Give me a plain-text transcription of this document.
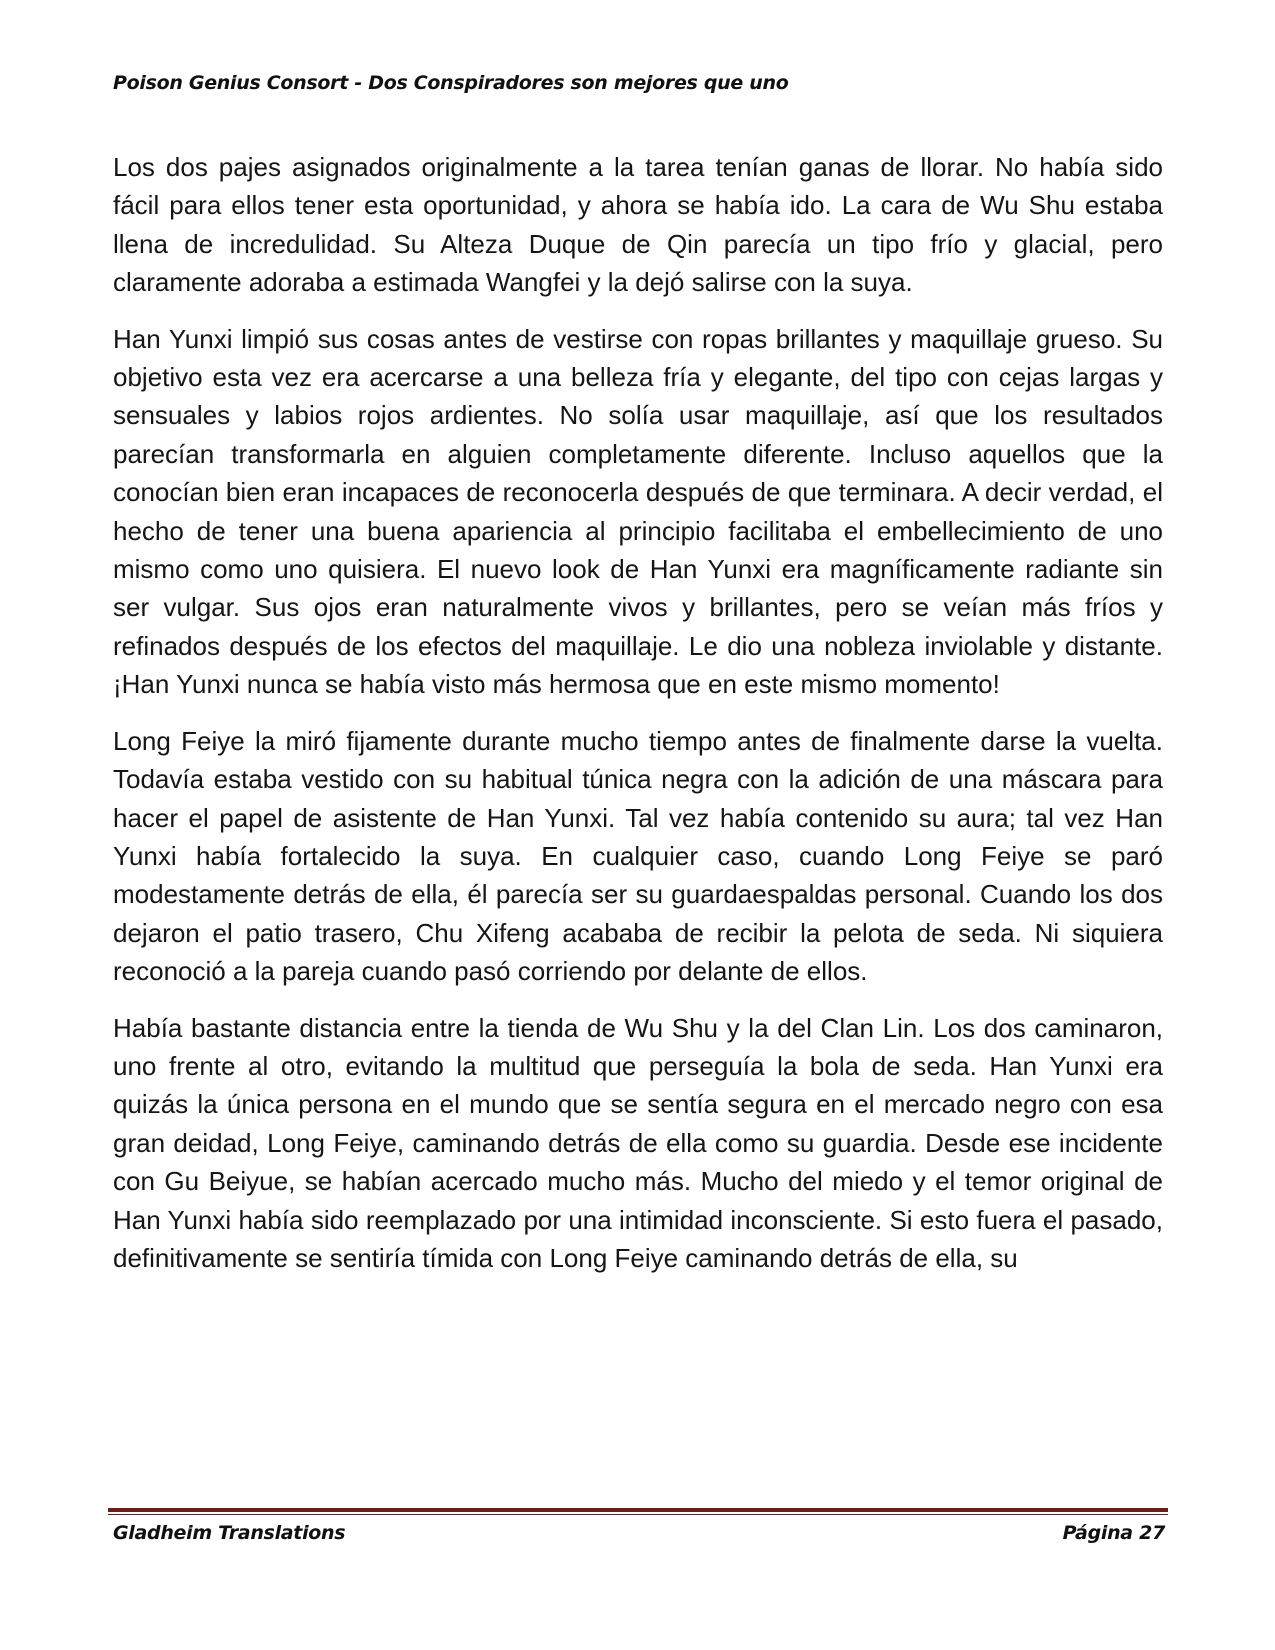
Poison Genius Consort - Dos Conspiradores son mejores que uno

Los dos pajes asignados originalmente a la tarea tenían ganas de llorar. No había sido fácil para ellos tener esta oportunidad, y ahora se había ido. La cara de Wu Shu estaba llena de incredulidad. Su Alteza Duque de Qin parecía un tipo frío y glacial, pero claramente adoraba a estimada Wangfei y la dejó salirse con la suya.

Han Yunxi limpió sus cosas antes de vestirse con ropas brillantes y maquillaje grueso. Su objetivo esta vez era acercarse a una belleza fría y elegante, del tipo con cejas largas y sensuales y labios rojos ardientes. No solía usar maquillaje, así que los resultados parecían transformarla en alguien completamente diferente. Incluso aquellos que la conocían bien eran incapaces de reconocerla después de que terminara. A decir verdad, el hecho de tener una buena apariencia al principio facilitaba el embellecimiento de uno mismo como uno quisiera. El nuevo look de Han Yunxi era magníficamente radiante sin ser vulgar. Sus ojos eran naturalmente vivos y brillantes, pero se veían más fríos y refinados después de los efectos del maquillaje. Le dio una nobleza inviolable y distante. ¡Han Yunxi nunca se había visto más hermosa que en este mismo momento!

Long Feiye la miró fijamente durante mucho tiempo antes de finalmente darse la vuelta. Todavía estaba vestido con su habitual túnica negra con la adición de una máscara para hacer el papel de asistente de Han Yunxi. Tal vez había contenido su aura; tal vez Han Yunxi había fortalecido la suya. En cualquier caso, cuando Long Feiye se paró modestamente detrás de ella, él parecía ser su guardaespaldas personal. Cuando los dos dejaron el patio trasero, Chu Xifeng acababa de recibir la pelota de seda. Ni siquiera reconoció a la pareja cuando pasó corriendo por delante de ellos.

Había bastante distancia entre la tienda de Wu Shu y la del Clan Lin. Los dos caminaron, uno frente al otro, evitando la multitud que perseguía la bola de seda. Han Yunxi era quizás la única persona en el mundo que se sentía segura en el mercado negro con esa gran deidad, Long Feiye, caminando detrás de ella como su guardia. Desde ese incidente con Gu Beiyue, se habían acercado mucho más. Mucho del miedo y el temor original de Han Yunxi había sido reemplazado por una intimidad inconsciente. Si esto fuera el pasado, definitivamente se sentiría tímida con Long Feiye caminando detrás de ella, su

Gladheim Translations	Página 27
